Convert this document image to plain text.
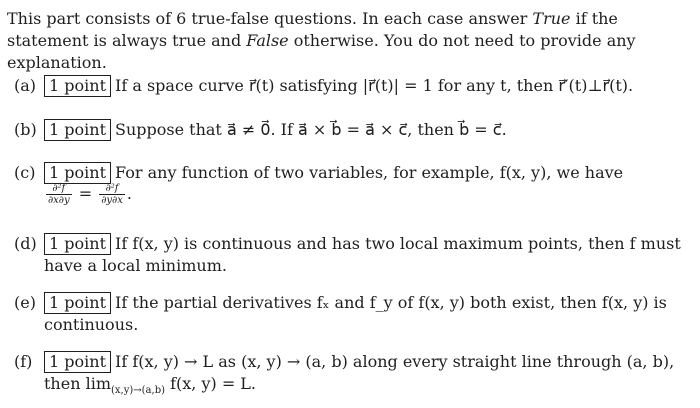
This part consists of 6 true-false questions. In each case answer True if the statement is always true and False otherwise. You do not need to provide any explanation.

(a) 1 point If a space curve r⃗(t) satisfying |r⃗(t)| = 1 for any t, then r⃗′(t)⊥r⃗(t).
(b) 1 point Suppose that a⃗ ≠ 0⃗. If a⃗ × b⃗ = a⃗ × c⃗, then b⃗ = c⃗.
(c) 1 point For any function of two variables, for example, f(x, y), we have
$\frac{\text{∂²f}}{\partial x\partial y} = \frac{\text{∂²f}}{\partial y\partial x}$ .
(d) 1 point If f(x, y) is continuous and has two local maximum points, then f must
have a local minimum.
(e) 1 point If the partial derivatives fₓ and f_y of f(x, y) both exist, then f(x, y) is
continuous.
(f) 1 point If f(x, y) → L as (x, y) → (a, b) along every straight line through (a, b),
then $\lim_{(x,y)\to(a,b)} f(x$, y) = L.
